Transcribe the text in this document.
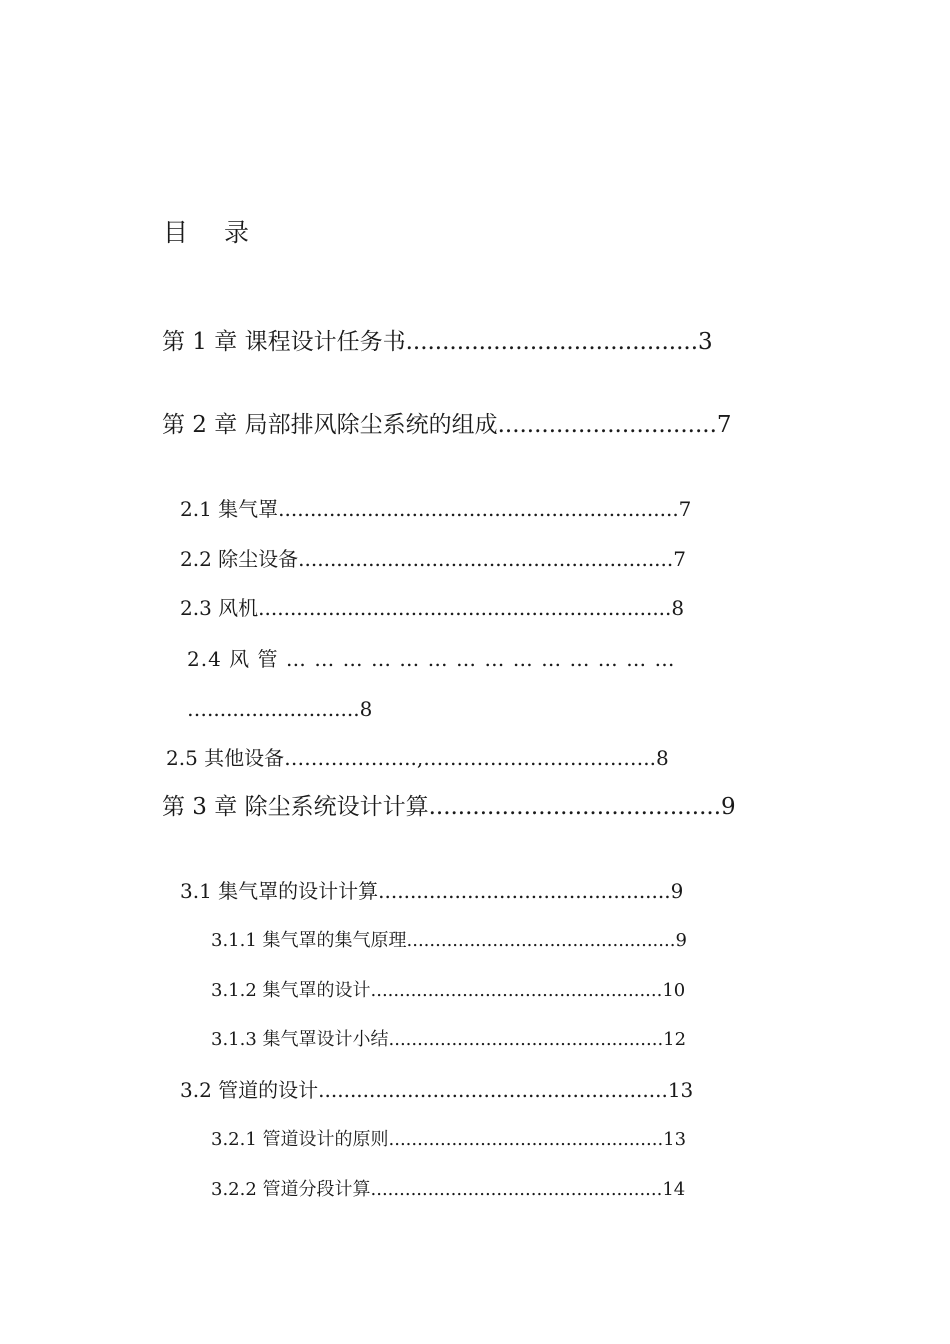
目 录
第 1 章 课程设计任务书........................................3
第 2 章 局部排风除尘系统的组成..............................7
2.1 集气罩...............................................................7
2.2 除尘设备...........................................................7
2.3 风机.................................................................8
2.4 风 管 … … … … … … … … … … … … … …
…........................8
2.5 其他设备………………..,……………………………..8
第 3 章 除尘系统设计计算........................................9
3.1 集气罩的设计计算..............................................9
3.1.1 集气罩的集气原理...............................................9
3.1.2 集气罩的设计...................................................10
3.1.3 集气罩设计小结................................................12
3.2 管道的设计.......................................................13
3.2.1 管道设计的原则................................................13
3.2.2 管道分段计算...................................................14
